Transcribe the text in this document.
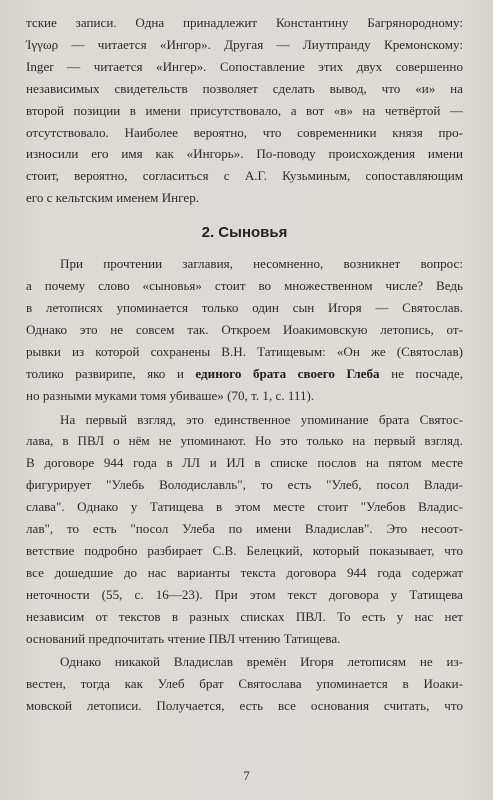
тские записи. Одна принадлежит Константину Багрянородному:
Ίγγωρ — читается «Ингор». Другая — Лиутпранду Кремонскому:
Inger — читается «Ингер». Сопоставление этих двух совершенно
независимых свидетельств позволяет сделать вывод, что «и» на
второй позиции в имени присутствовало, а вот «в» на четвёртой —
отсутствовало. Наиболее вероятно, что современники князя про-
износили его имя как «Ингорь». По-поводу происхождения имени
стоит, вероятно, согласиться с А.Г. Кузьминым, сопоставляющим
его с кельтским именем Ингер.

2. Сыновья

При прочтении заглавия, несомненно, возникнет вопрос:
а почему слово «сыновья» стоит во множественном числе? Ведь
в летописях упоминается только один сын Игоря — Святослав.
Однако это не совсем так. Откроем Иоакимовскую летопись, от-
рывки из которой сохранены В.Н. Татищевым: «Он же (Святослав)
толико развирипе, яко и единого брата своего Глеба не посчаде,
но разными муками томя убиваше» (70, т. 1, с. 111).

На первый взгляд, это единственное упоминание брата Святос-
лава, в ПВЛ о нём не упоминают. Но это только на первый взгляд.
В договоре 944 года в ЛЛ и ИЛ в списке послов на пятом месте
фигурирует "Улебь Володиславль", то есть "Улеб, посол Влади-
слава". Однако у Татищева в этом месте стоит "Улебов Владис-
лав", то есть "посол Улеба по имени Владислав". Это несоот-
ветствие подробно разбирает С.В. Белецкий, который показывает, что
все дошедшие до нас варианты текста договора 944 года содержат
неточности (55, с. 16—23). При этом текст договора у Татищева
независим от текстов в разных списках ПВЛ. То есть у нас нет
оснований предпочитать чтение ПВЛ чтению Татищева.

Однако никакой Владислав времён Игоря летописям не из-
вестен, тогда как Улеб брат Святослава упоминается в Иоаки-
мовской летописи. Получается, есть все основания считать, что

7
